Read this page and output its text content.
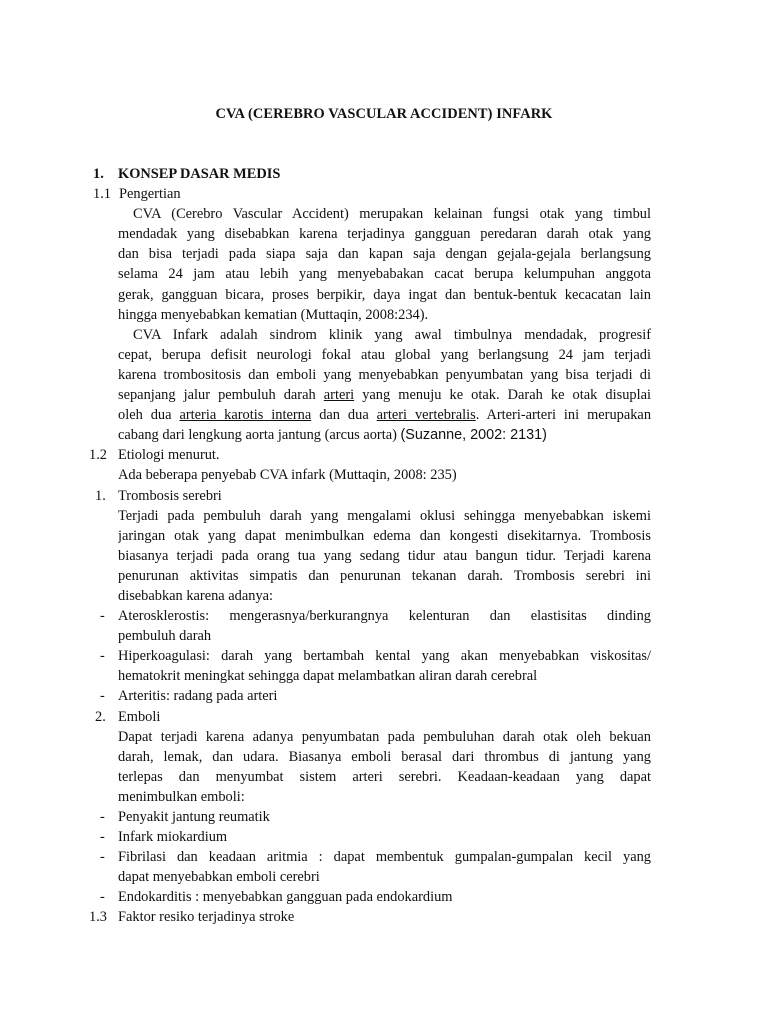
CVA (CEREBRO VASCULAR ACCIDENT) INFARK
1. KONSEP DASAR MEDIS
1.1 Pengertian
CVA (Cerebro Vascular Accident) merupakan kelainan fungsi otak yang timbul
mendadak yang disebabkan karena terjadinya gangguan peredaran darah otak yang
dan bisa terjadi pada siapa saja dan kapan saja dengan gejala-gejala berlangsung
selama 24 jam atau lebih yang menyebabakan cacat berupa kelumpuhan anggota
gerak, gangguan bicara, proses berpikir, daya ingat dan bentuk-bentuk kecacatan lain
hingga menyebabkan kematian (Muttaqin, 2008:234).
CVA Infark adalah sindrom klinik yang awal timbulnya mendadak, progresif
cepat, berupa defisit neurologi fokal atau global yang berlangsung 24 jam terjadi
karena trombositosis dan emboli yang menyebabkan penyumbatan yang bisa terjadi di
sepanjang jalur pembuluh darah arteri yang menuju ke otak. Darah ke otak disuplai
oleh dua arteria karotis interna dan dua arteri vertebralis. Arteri-arteri ini merupakan
cabang dari lengkung aorta jantung (arcus aorta) (Suzanne, 2002: 2131)
1.2 Etiologi menurut.
Ada beberapa penyebab CVA infark (Muttaqin, 2008: 235)
1. Trombosis serebri
Terjadi pada pembuluh darah yang mengalami oklusi sehingga menyebabkan iskemi
jaringan otak yang dapat menimbulkan edema dan kongesti disekitarnya. Trombosis
biasanya terjadi pada orang tua yang sedang tidur atau bangun tidur. Terjadi karena
penurunan aktivitas simpatis dan penurunan tekanan darah. Trombosis serebri ini
disebabkan karena adanya:
- Aterosklerostis: mengerasnya/berkurangnya kelenturan dan elastisitas dinding
pembuluh darah
- Hiperkoagulasi: darah yang bertambah kental yang akan menyebabkan viskositas/
hematokrit meningkat sehingga dapat melambatkan aliran darah cerebral
- Arteritis: radang pada arteri
2. Emboli
Dapat terjadi karena adanya penyumbatan pada pembuluhan darah otak oleh bekuan
darah, lemak, dan udara. Biasanya emboli berasal dari thrombus di jantung yang
terlepas dan menyumbat sistem arteri serebri. Keadaan-keadaan yang dapat
menimbulkan emboli:
- Penyakit jantung reumatik
- Infark miokardium
- Fibrilasi dan keadaan aritmia : dapat membentuk gumpalan-gumpalan kecil yang
dapat menyebabkan emboli cerebri
- Endokarditis : menyebabkan gangguan pada endokardium
1.3 Faktor resiko terjadinya stroke
